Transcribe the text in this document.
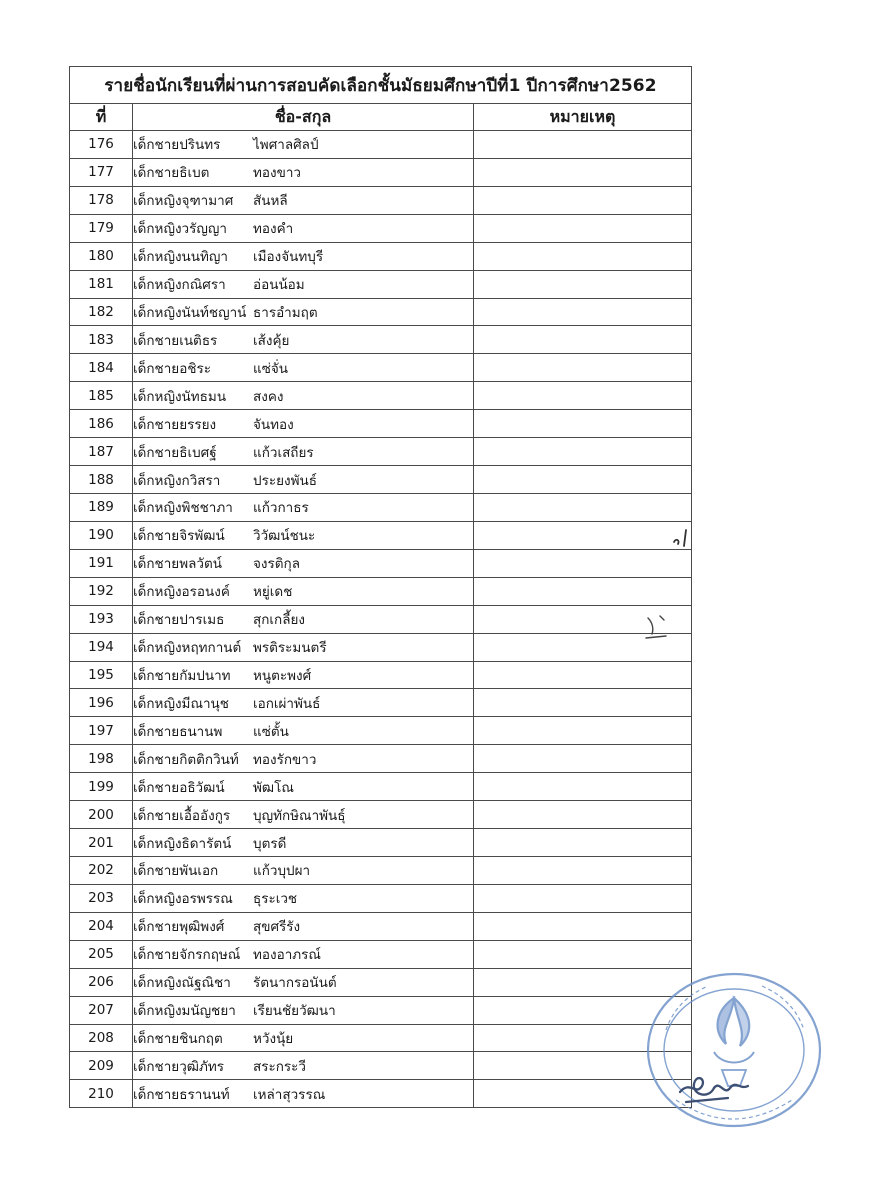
รายชื่อนักเรียนที่ผ่านการสอบคัดเลือกชั้นมัธยมศึกษาปีที่1 ปีการศึกษา2562		
ที่	ชื่อ-สกุล	หมายเหตุ
176	เด็กชายปรินทร ไพศาลศิลป์	
177	เด็กชายธิเบต ทองขาว	
178	เด็กหญิงจุฑามาศ สันหลี	
179	เด็กหญิงวรัญญา ทองคำ	
180	เด็กหญิงนนทิญา เมืองจันทบุรี	
181	เด็กหญิงกณิศรา อ่อนน้อม	
182	เด็กหญิงนันท์ชญาน์ ธารอำมฤต	
183	เด็กชายเนติธร เส้งคุ้ย	
184	เด็กชายอชิระ แซ่จั่น	
185	เด็กหญิงนัทธมน สงคง	
186	เด็กชายยรรยง จันทอง	
187	เด็กชายธิเบศฐ์ แก้วเสถียร	
188	เด็กหญิงกวิสรา ประยงพันธ์	
189	เด็กหญิงพิชชาภา แก้วกาธร	
190	เด็กชายจิรพัฒน์ วิวัฒน์ชนะ	
191	เด็กชายพลวัตน์ จงรติกุล	
192	เด็กหญิงอรอนงค์ หยู่เดช	
193	เด็กชายปารเมธ สุกเกลี้ยง	
194	เด็กหญิงหฤทกานต์ พรติระมนตรี	
195	เด็กชายกัมปนาท หนูตะพงศ์	
196	เด็กหญิงมีณานุช เอกเผ่าพันธ์	
197	เด็กชายธนานพ แซ่ตั้น	
198	เด็กชายกิตติกวินท์ ทองรักขาว	
199	เด็กชายอธิวัฒน์ พัฒโณ	
200	เด็กชายเอื้ออังกูร บุญทักษิณาพันธุ์	
201	เด็กหญิงธิดารัตน์ บุตรดี	
202	เด็กชายพันเอก แก้วบุปผา	
203	เด็กหญิงอรพรรณ ธุระเวช	
204	เด็กชายพุฒิพงศ์ สุขศรีรัง	
205	เด็กชายจักรกฤษณ์ ทองอาภรณ์	
206	เด็กหญิงณัฐณิชา รัตนากรอนันต์	
207	เด็กหญิงมนัญชยา เรียนชัยวัฒนา	
208	เด็กชายชินกฤต หวังนุ้ย	
209	เด็กชายวุฒิภัทร สระกระวี	
210	เด็กชายธรานนท์ เหล่าสุวรรณ	
